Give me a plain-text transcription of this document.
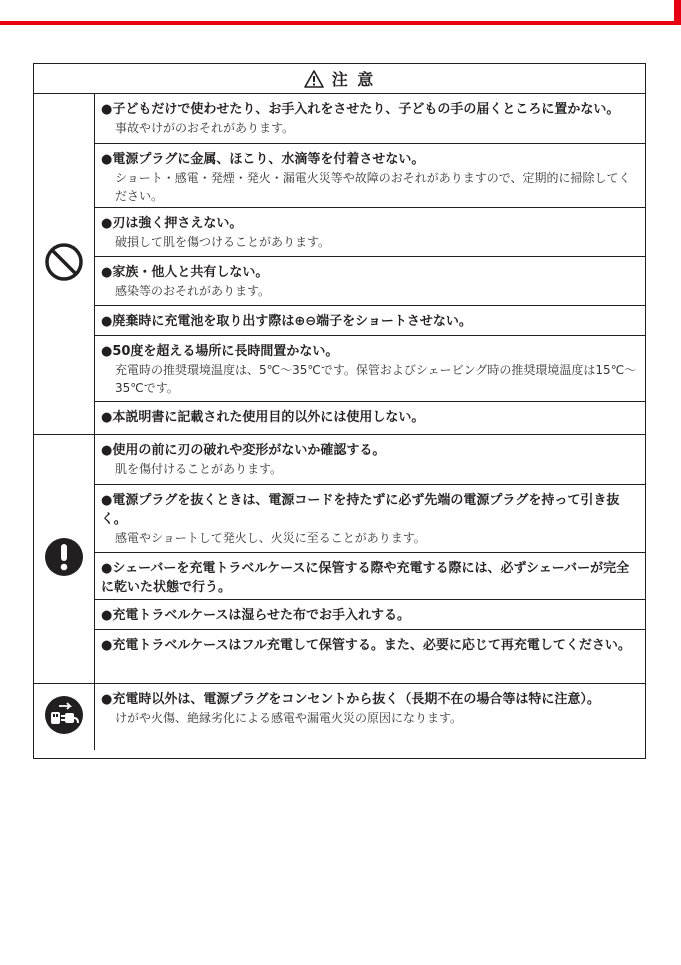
注 意
●子どもだけで使わせたり、お手入れをさせたり、子どもの手の届くところに置かない。
事故やけがのおそれがあります。
●電源プラグに金属、ほこり、水滴等を付着させない。
ショート・感電・発煙・発火・漏電火災等や故障のおそれがありますので、定期的に掃除してください。
●刃は強く押さえない。
破損して肌を傷つけることがあります。
●家族・他人と共有しない。
感染等のおそれがあります。
●廃棄時に充電池を取り出す際は⊕⊖端子をショートさせない。
●50度を超える場所に長時間置かない。
充電時の推奨環境温度は、5℃〜35℃です。保管およびシェービング時の推奨環境温度は15℃〜35℃です。
●本説明書に記載された使用目的以外には使用しない。
●使用の前に刃の破れや変形がないか確認する。
肌を傷付けることがあります。
●電源プラグを抜くときは、電源コードを持たずに必ず先端の電源プラグを持って引き抜く。
感電やショートして発火し、火災に至ることがあります。
●シェーバーを充電トラベルケースに保管する際や充電する際には、必ずシェーバーが完全に乾いた状態で行う。
●充電トラベルケースは湿らせた布でお手入れする。
●充電トラベルケースはフル充電して保管する。また、必要に応じて再充電してください。
●充電時以外は、電源プラグをコンセントから抜く（長期不在の場合等は特に注意）。
けがや火傷、絶縁劣化による感電や漏電火災の原因になります。
